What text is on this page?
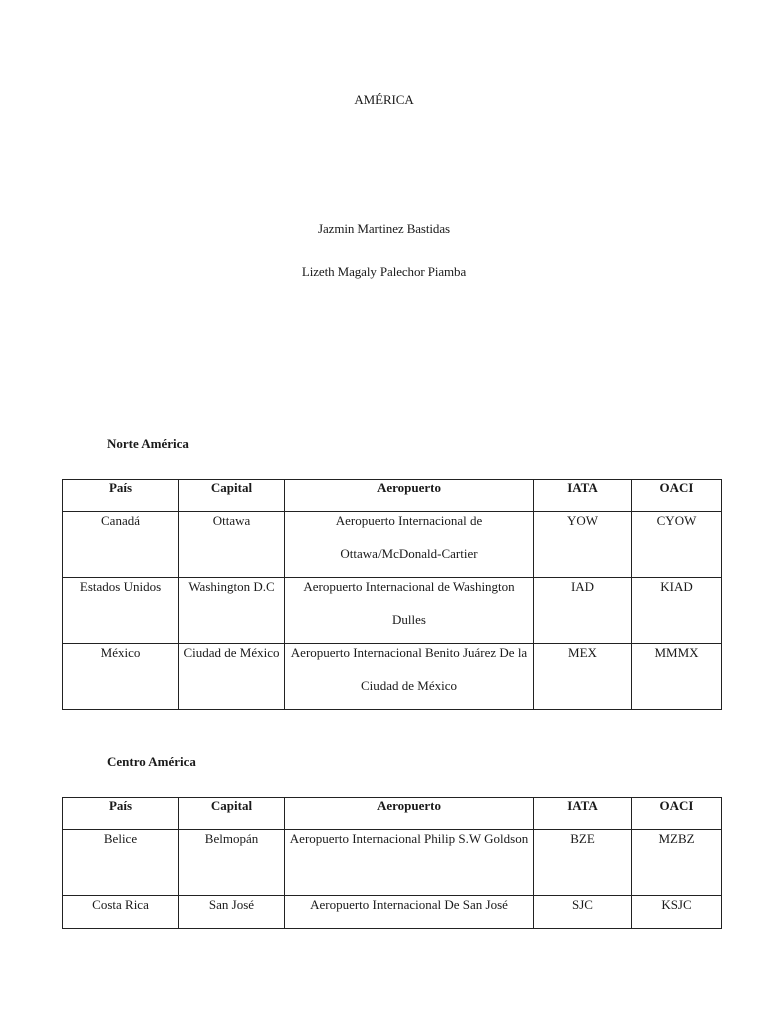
AMÉRICA
Jazmin Martinez Bastidas
Lizeth Magaly Palechor Piamba
Norte América
País	Capital	Aeropuerto	IATA	OACI

Canadá	Ottawa	Aeropuerto Internacional de Ottawa/McDonald-Cartier	YOW	CYOW

Estados Unidos	Washington D.C	Aeropuerto Internacional de Washington Dulles	IAD	KIAD

México	Ciudad de México	Aeropuerto Internacional Benito Juárez De la Ciudad de México	MEX	MMMX
Centro América
País	Capital	Aeropuerto	IATA	OACI

Belice	Belmopán	Aeropuerto Internacional Philip S.W Goldson	BZE	MZBZ

Costa Rica	San José	Aeropuerto Internacional De San José	SJC	KSJC
